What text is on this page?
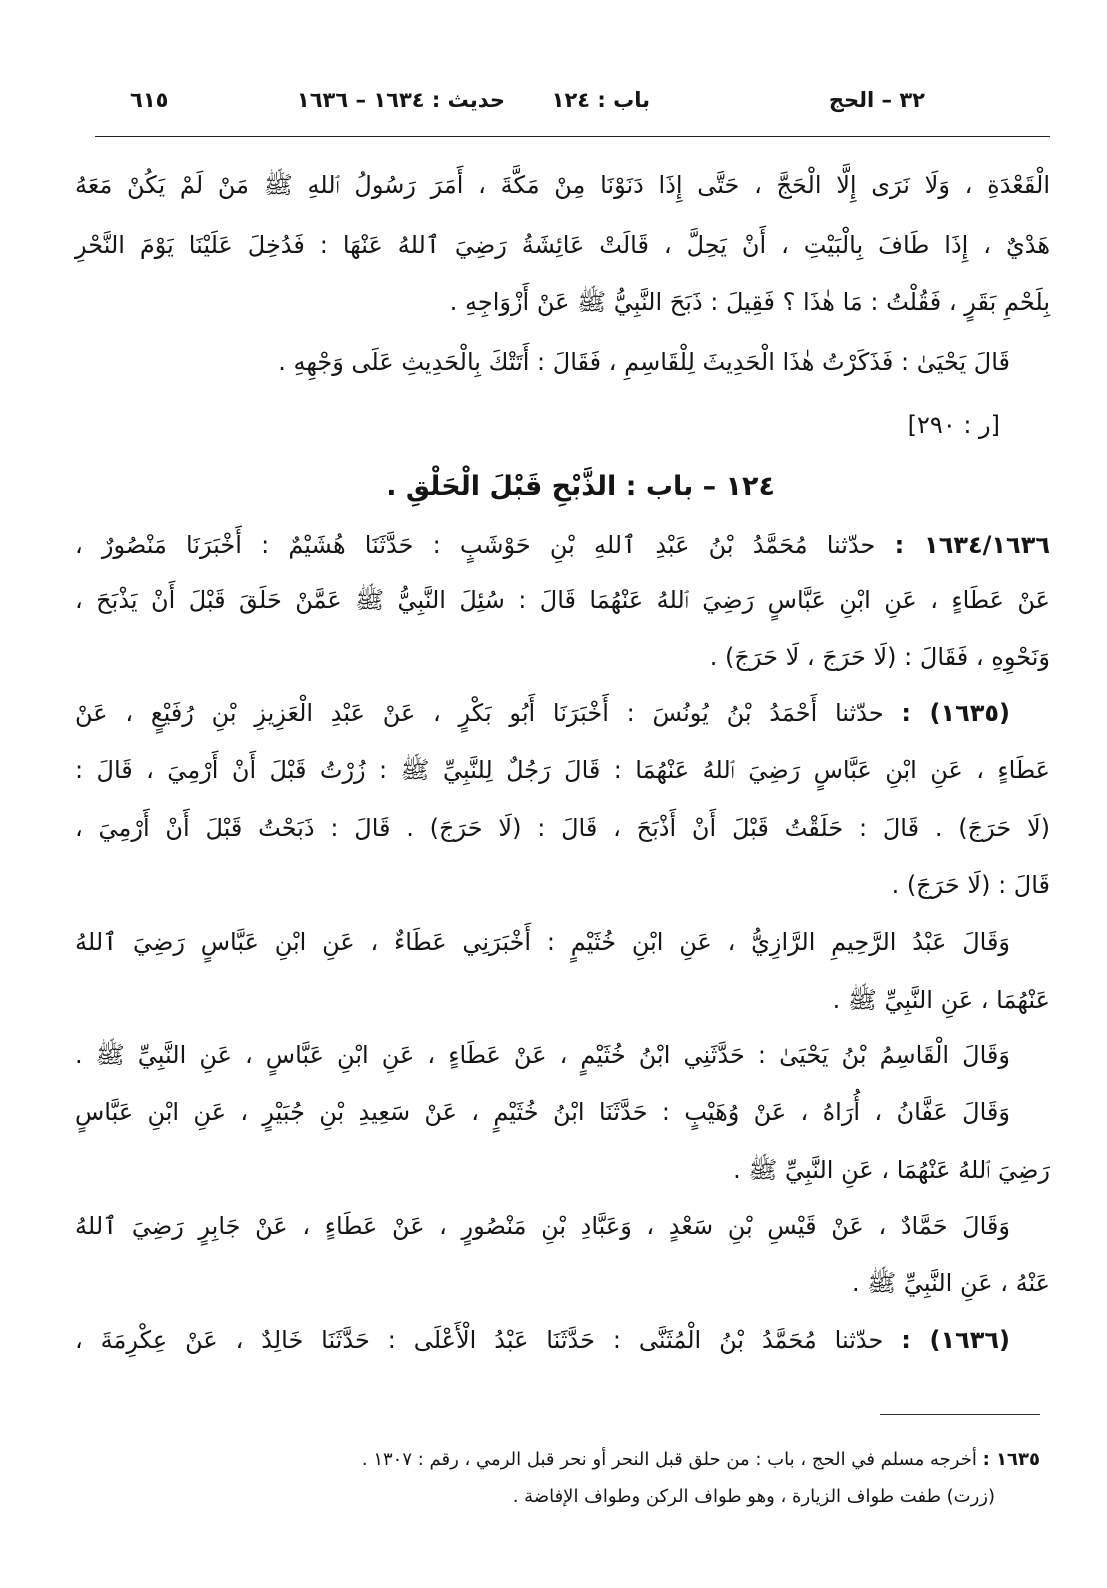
٣٢ – الحج
باب : ١٢٤
حديث : ١٦٣٤ – ١٦٣٦
٦١٥
الْقَعْدَةِ ، وَلَا نَرَى إِلَّا الْحَجَّ ، حَتَّى إِذَا دَنَوْنَا مِنْ مَكَّةَ ، أَمَرَ رَسُولُ ٱللهِ ﷺ مَنْ لَمْ يَكُنْ مَعَهُ
هَدْيٌ ، إِذَا طَافَ بِالْبَيْتِ ، أَنْ يَحِلَّ ، قَالَتْ عَائِشَةُ رَضِيَ ٱللهُ عَنْهَا : فَدُخِلَ عَلَيْنَا يَوْمَ النَّحْرِ
بِلَحْمِ بَقَرٍ ، فَقُلْتُ : مَا هٰذَا ؟ فَقِيلَ : ذَبَحَ النَّبِيُّ ﷺ عَنْ أَزْوَاجِهِ .
قَالَ يَحْيَىٰ : فَذَكَرْتُ هٰذَا الْحَدِيثَ لِلْقَاسِمِ ، فَقَالَ : أَتَتْكَ بِالْحَدِيثِ عَلَى وَجْهِهِ .
[ر : ٢٩٠]
١٢٤ – باب : الذَّبْحِ قَبْلَ الْحَلْقِ .
١٦٣٤/١٦٣٦ : حدّثنا مُحَمَّدُ بْنُ عَبْدِ ٱللهِ بْنِ حَوْشَبٍ : حَدَّثَنَا هُشَيْمٌ : أَخْبَرَنَا مَنْصُورٌ ،
عَنْ عَطَاءٍ ، عَنِ ابْنِ عَبَّاسٍ رَضِيَ ٱللهُ عَنْهُمَا قَالَ : سُئِلَ النَّبِيُّ ﷺ عَمَّنْ حَلَقَ قَبْلَ أَنْ يَذْبَحَ ،
وَنَحْوِهِ ، فَقَالَ : (لَا حَرَجَ ، لَا حَرَجَ) .
(١٦٣٥) : حدّثنا أَحْمَدُ بْنُ يُونُسَ : أَخْبَرَنَا أَبُو بَكْرٍ ، عَنْ عَبْدِ الْعَزِيزِ بْنِ رُفَيْعٍ ، عَنْ
عَطَاءٍ ، عَنِ ابْنِ عَبَّاسٍ رَضِيَ ٱللهُ عَنْهُمَا : قَالَ رَجُلٌ لِلنَّبِيِّ ﷺ : زُرْتُ قَبْلَ أَنْ أَرْمِيَ ، قَالَ :
(لَا حَرَجَ) . قَالَ : حَلَقْتُ قَبْلَ أَنْ أَذْبَحَ ، قَالَ : (لَا حَرَجَ) . قَالَ : ذَبَحْتُ قَبْلَ أَنْ أَرْمِيَ ،
قَالَ : (لَا حَرَجَ) .
وَقَالَ عَبْدُ الرَّحِيمِ الرَّازِيُّ ، عَنِ ابْنِ خُثَيْمٍ : أَخْبَرَنِي عَطَاءٌ ، عَنِ ابْنِ عَبَّاسٍ رَضِيَ ٱللهُ
عَنْهُمَا ، عَنِ النَّبِيِّ ﷺ .
وَقَالَ الْقَاسِمُ بْنُ يَحْيَىٰ : حَدَّثَنِي ابْنُ خُثَيْمٍ ، عَنْ عَطَاءٍ ، عَنِ ابْنِ عَبَّاسٍ ، عَنِ النَّبِيِّ ﷺ .
وَقَالَ عَفَّانُ ، أُرَاهُ ، عَنْ وُهَيْبٍ : حَدَّثَنَا ابْنُ خُثَيْمٍ ، عَنْ سَعِيدِ بْنِ جُبَيْرٍ ، عَنِ ابْنِ عَبَّاسٍ
رَضِيَ ٱللهُ عَنْهُمَا ، عَنِ النَّبِيِّ ﷺ .
وَقَالَ حَمَّادٌ ، عَنْ قَيْسِ بْنِ سَعْدٍ ، وَعَبَّادِ بْنِ مَنْصُورٍ ، عَنْ عَطَاءٍ ، عَنْ جَابِرٍ رَضِيَ ٱللهُ
عَنْهُ ، عَنِ النَّبِيِّ ﷺ .
(١٦٣٦) : حدّثنا مُحَمَّدُ بْنُ الْمُثَنَّى : حَدَّثَنَا عَبْدُ الْأَعْلَى : حَدَّثَنَا خَالِدٌ ، عَنْ عِكْرِمَةَ ،
١٦٣٥ : أخرجه مسلم في الحج ، باب : من حلق قبل النحر أو نحر قبل الرمي ، رقم : ١٣٠٧ .
(زرت) طفت طواف الزيارة ، وهو طواف الركن وطواف الإفاضة .
